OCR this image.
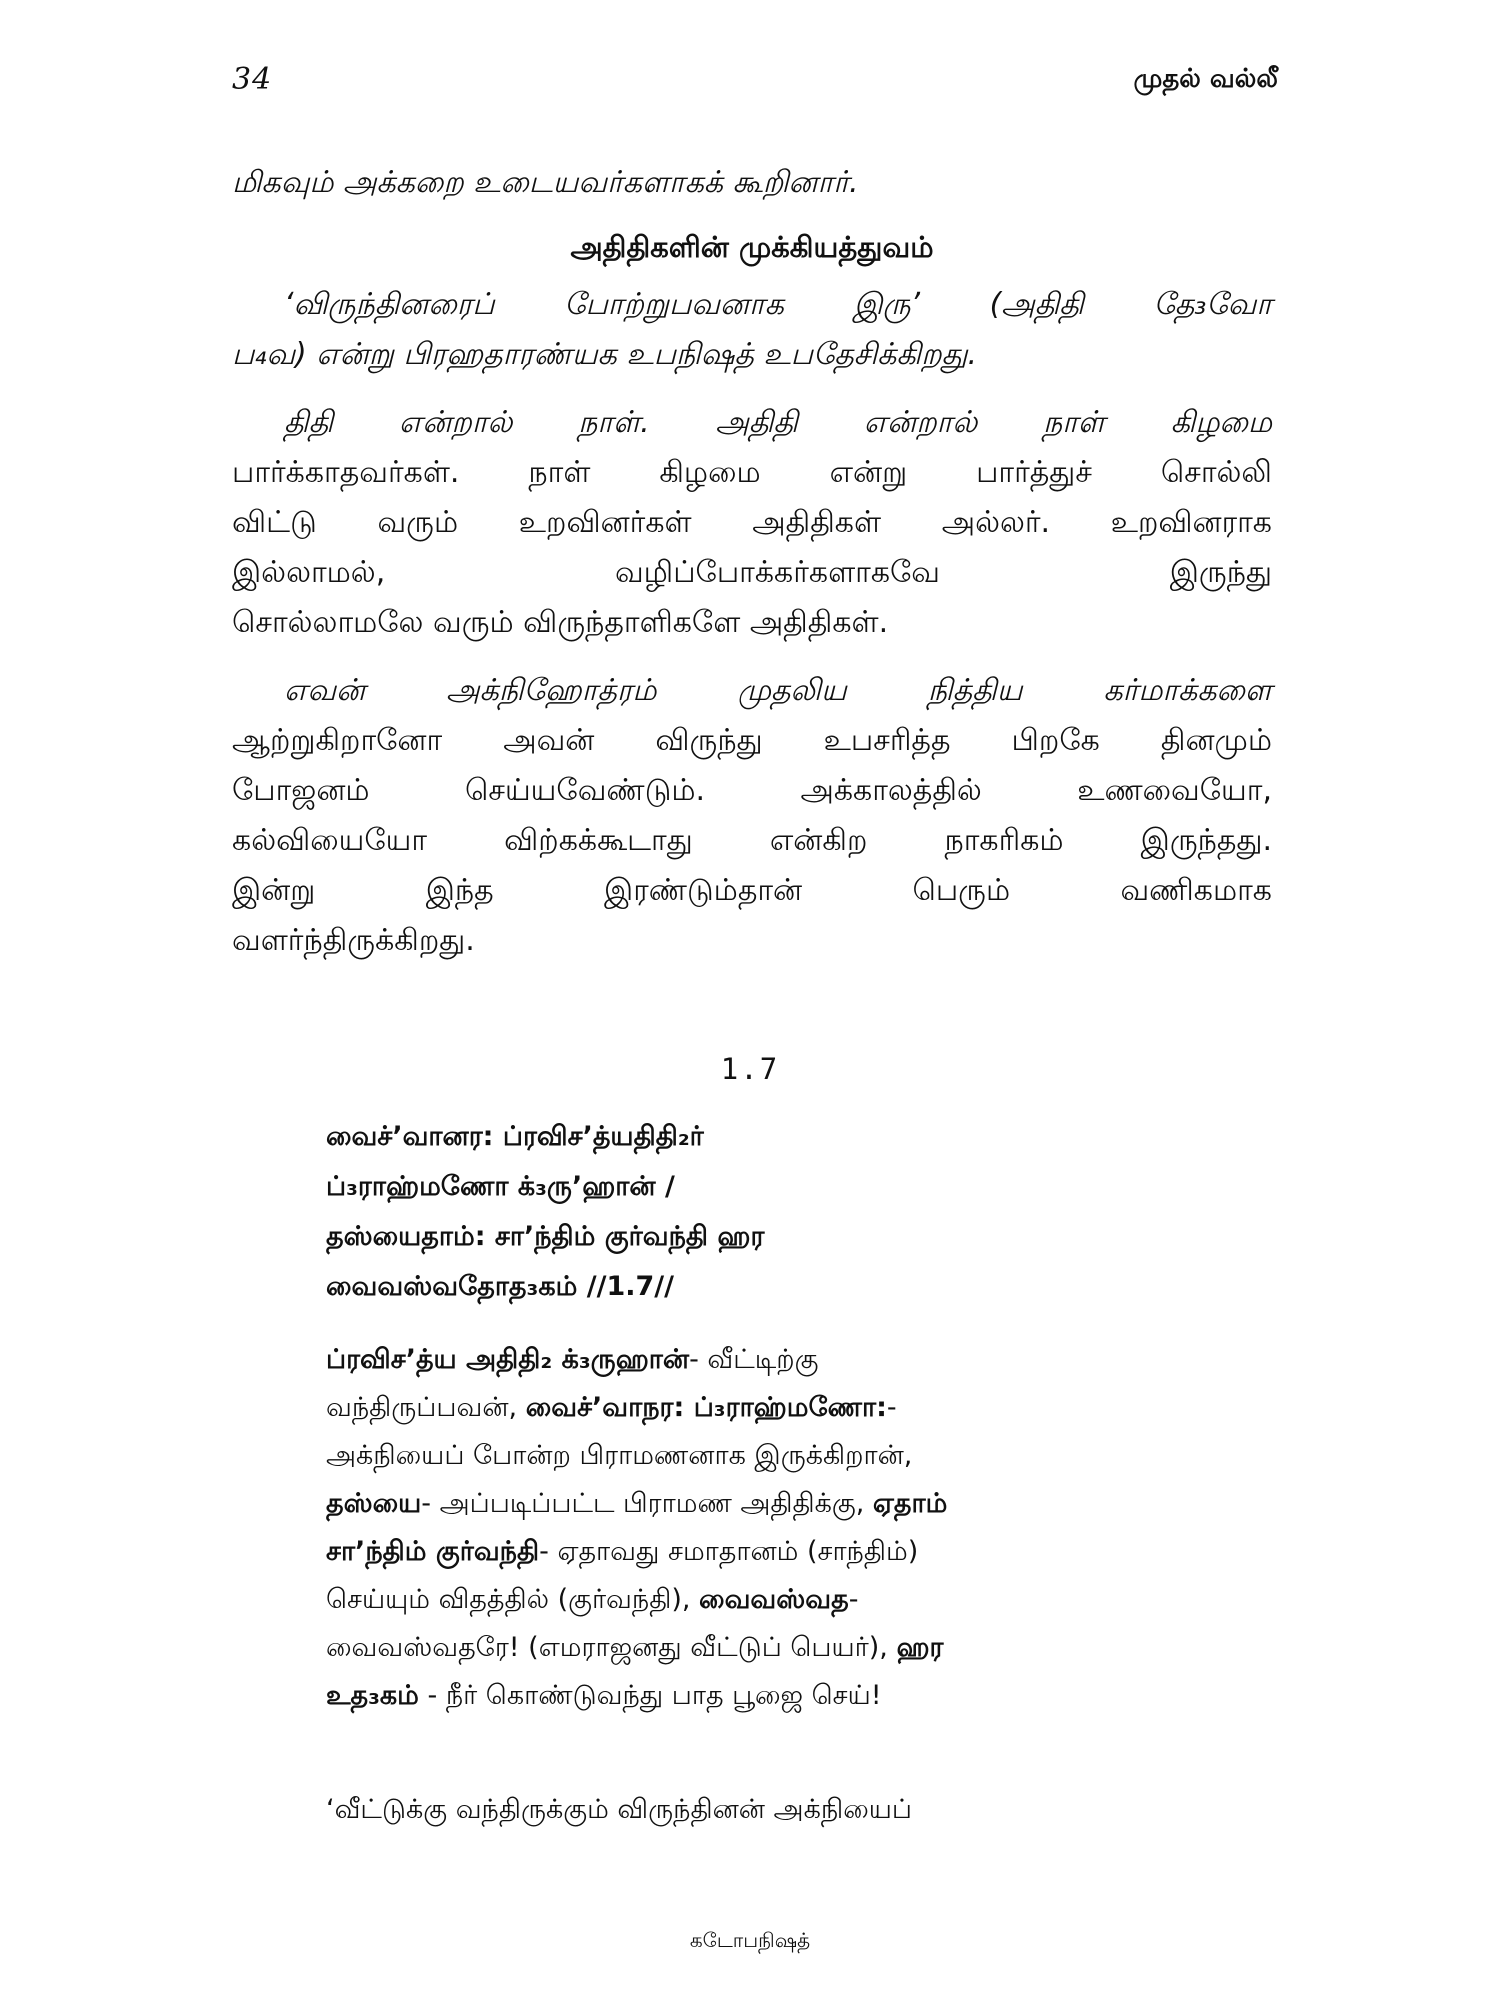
34	முதல் வல்லீ
மிகவும் அக்கறை உடையவர்களாகக் கூறினார்.
அதிதிகளின் முக்கியத்துவம்
‘விருந்தினரைப் போற்றுபவனாக இரு’ (அதிதி தே₃வோ
ப₄வ) என்று பிரஹதாரண்யக உபநிஷத் உபதேசிக்கிறது.
திதி என்றால் நாள். அதிதி என்றால் நாள் கிழமை
பார்க்காதவர்கள். நாள் கிழமை என்று பார்த்துச் சொல்லி
விட்டு வரும் உறவினர்கள் அதிதிகள் அல்லர். உறவினராக
இல்லாமல், வழிப்போக்கர்களாகவே இருந்து
சொல்லாமலே வரும் விருந்தாளிகளே அதிதிகள்.
எவன் அக்நிஹோத்ரம் முதலிய நித்திய கர்மாக்களை
ஆற்றுகிறானோ அவன் விருந்து உபசரித்த பிறகே தினமும்
போஜனம் செய்யவேண்டும். அக்காலத்தில் உணவையோ,
கல்வியையோ விற்கக்கூடாது என்கிற நாகரிகம் இருந்தது.
இன்று இந்த இரண்டும்தான் பெரும் வணிகமாக
வளர்ந்திருக்கிறது.
1.7
வைச்’வானர: ப்ரவிச’த்யதிதி₂ர்
ப்₃ராஹ்மணோ க்₃ரு’ஹான் /
தஸ்யைதாம்: சா’ந்திம் குர்வந்தி ஹர
வைவஸ்வதோத₃கம் //1.7//
ப்ரவிச’த்ய அதிதி₂ க்₃ருஹான்- வீட்டிற்கு
வந்திருப்பவன், வைச்’வாநர: ப்₃ராஹ்மணோ:-
அக்நியைப் போன்ற பிராமணனாக இருக்கிறான்,
தஸ்யை- அப்படிப்பட்ட பிராமண அதிதிக்கு, ஏதாம்
சா’ந்திம் குர்வந்தி- ஏதாவது சமாதானம் (சாந்திம்)
செய்யும் விதத்தில் (குர்வந்தி), வைவஸ்வத-
வைவஸ்வதரே! (எமராஜனது வீட்டுப் பெயர்), ஹர
உத₃கம் - நீர் கொண்டுவந்து பாத பூஜை செய்!
‘வீட்டுக்கு வந்திருக்கும் விருந்தினன் அக்நியைப்
கடோபநிஷத்
